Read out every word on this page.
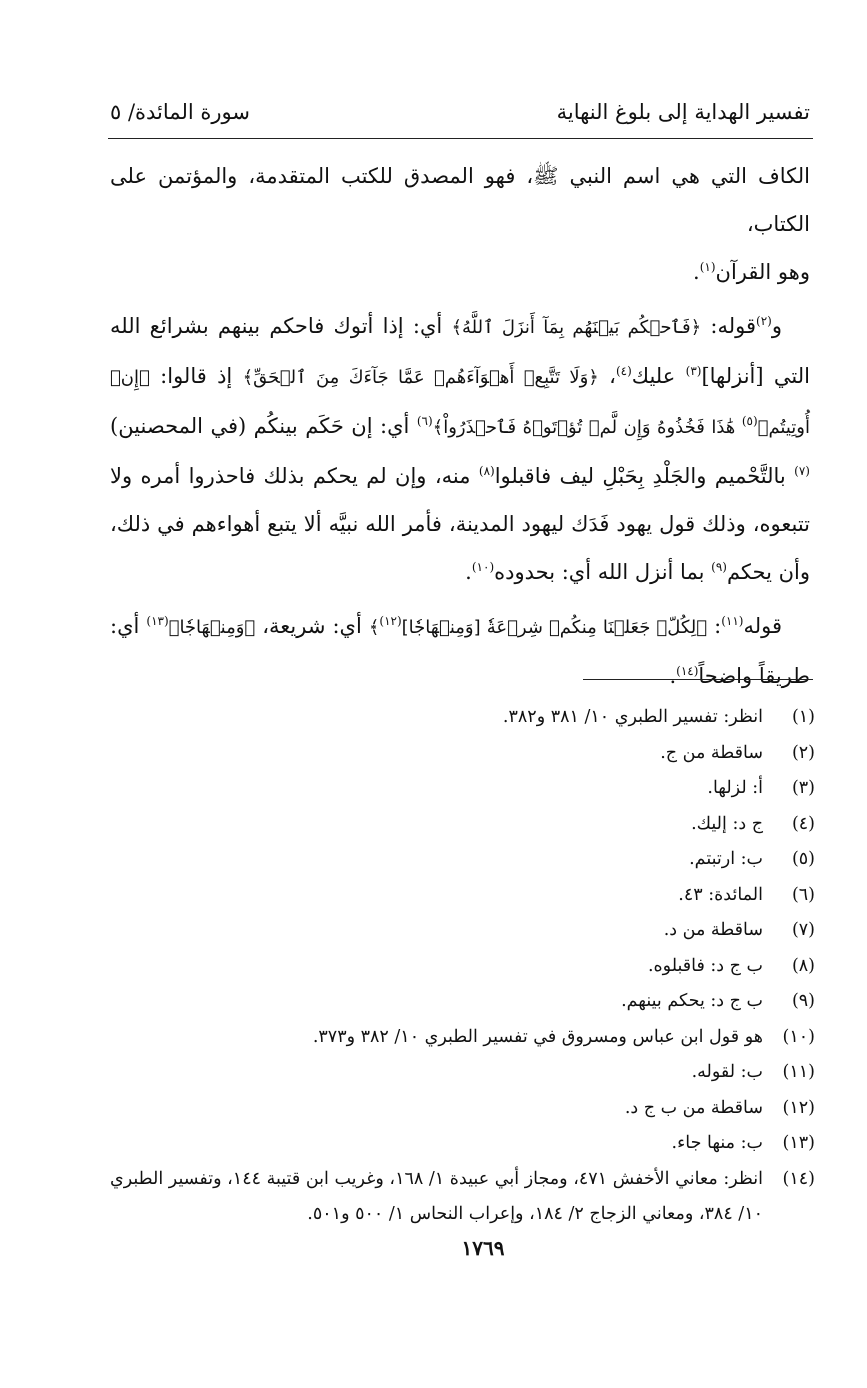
تفسير الهداية إلى بلوغ النهاية
سورة المائدة/ ٥

الكاف التي هي اسم النبي ﷺ، فهو المصدق للكتب المتقدمة، والمؤتمن على الكتاب،
وهو القرآن$^{(١)}$.

و$^{(٢)}$قوله: ﴿فَٱحۡكُم بَيۡنَهُم بِمَآ أَنزَلَ ٱللَّهُ﴾ أي: إذا أتوك فاحكم بينهم بشرائع الله التي [أنزلها]$^{(٣)}$ عليك$^{(٤)}$، ﴿وَلَا تَتَّبِعۡ أَهۡوَآءَهُمۡ عَمَّا جَآءَكَ مِنَ ٱلۡحَقِّ﴾ إذ قالوا: ﴿إِنۡ أُوتِيتُمۡ$^{(٥)}$ هَٰذَا فَخُذُوهُ وَإِن لَّمۡ تُؤۡتَوۡهُ فَٱحۡذَرُواْ﴾$^{(٦)}$ أي: إن حَكَم بينكُم (في المحصنين)$^{(٧)}$ بالتَّحْميم والجَلْدِ بِحَبْلِ ليف فاقبلوا$^{(٨)}$ منه، وإن لم يحكم بذلك فاحذروا أمره ولا تتبعوه، وذلك قول يهود فَدَك ليهود المدينة، فأمر الله نبيَّه ألا يتبع أهواءهم في ذلك، وأن يحكم$^{(٩)}$ بما أنزل الله أي: بحدوده$^{(١٠)}$.

قوله$^{(١١)}$: ﴿لِكُلّٖ جَعَلۡنَا مِنكُمۡ شِرۡعَةٗ [وَمِنۡهَاجٗا]$^{(١٢)}$﴾ أي: شريعة، ﴿وَمِنۡهَاجٗا﴾$^{(١٣)}$ أي: طريقاً واضحاً$^{(١٤)}$.

(١)
انظر: تفسير الطبري ١٠/ ٣٨١ و٣٨٢.
(٢)
ساقطة من ج.
(٣)
أ: لزلها.
(٤)
ج د: إليك.
(٥)
ب: ارتبتم.
(٦)
المائدة: ٤٣.
(٧)
ساقطة من د.
(٨)
ب ج د: فاقبلوه.
(٩)
ب ج د: يحكم بينهم.
(١٠)
هو قول ابن عباس ومسروق في تفسير الطبري ١٠/ ٣٨٢ و٣٧٣.
(١١)
ب: لقوله.
(١٢)
ساقطة من ب ج د.
(١٣)
ب: منها جاء.
(١٤)
انظر: معاني الأخفش ٤٧١، ومجاز أبي عبيدة ١/ ١٦٨، وغريب ابن قتيبة ١٤٤، وتفسير الطبري ١٠/ ٣٨٤، ومعاني الزجاج ٢/ ١٨٤، وإعراب النحاس ١/ ٥٠٠ و٥٠١.
١٧٦٩
